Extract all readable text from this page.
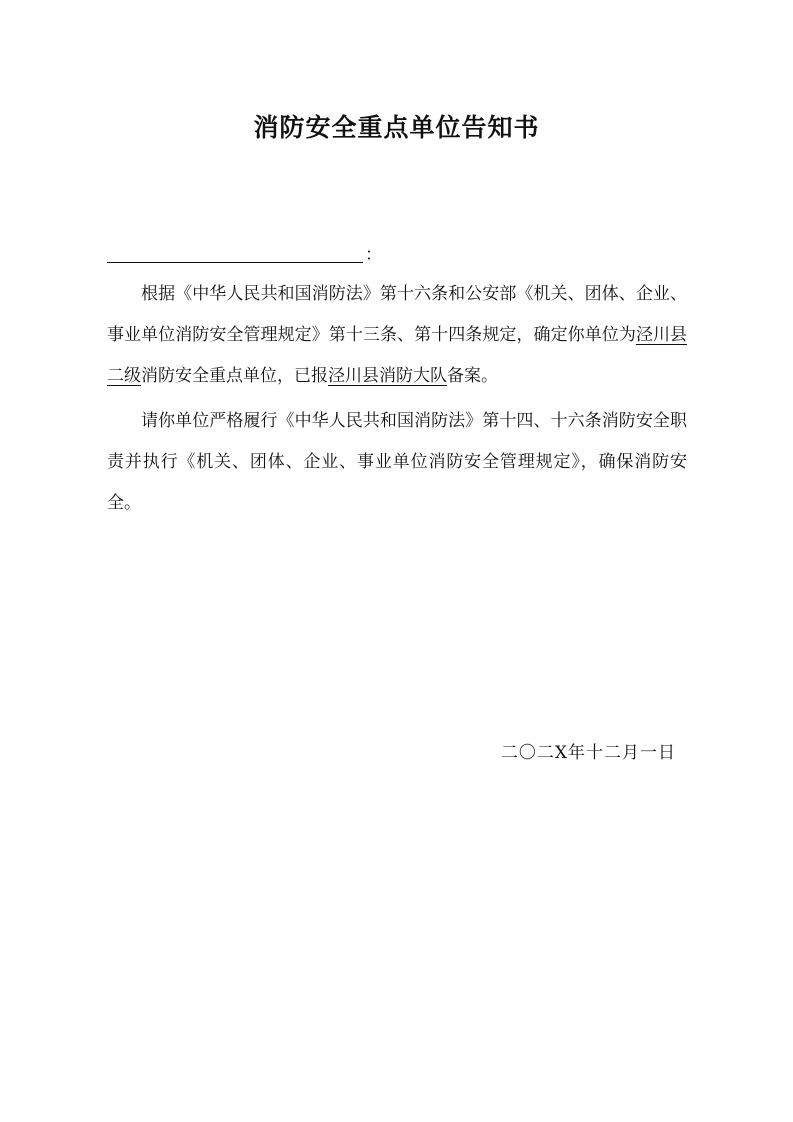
消防安全重点单位告知书
：
根据《中华人民共和国消防法》第十六条和公安部《机关、团体、企业、事业单位消防安全管理规定》第十三条、第十四条规定，确定你单位为泾川县二级消防安全重点单位，已报泾川县消防大队备案。
请你单位严格履行《中华人民共和国消防法》第十四、十六条消防安全职责并执行《机关、团体、企业、事业单位消防安全管理规定》，确保消防安全。
二〇二X年十二月一日
